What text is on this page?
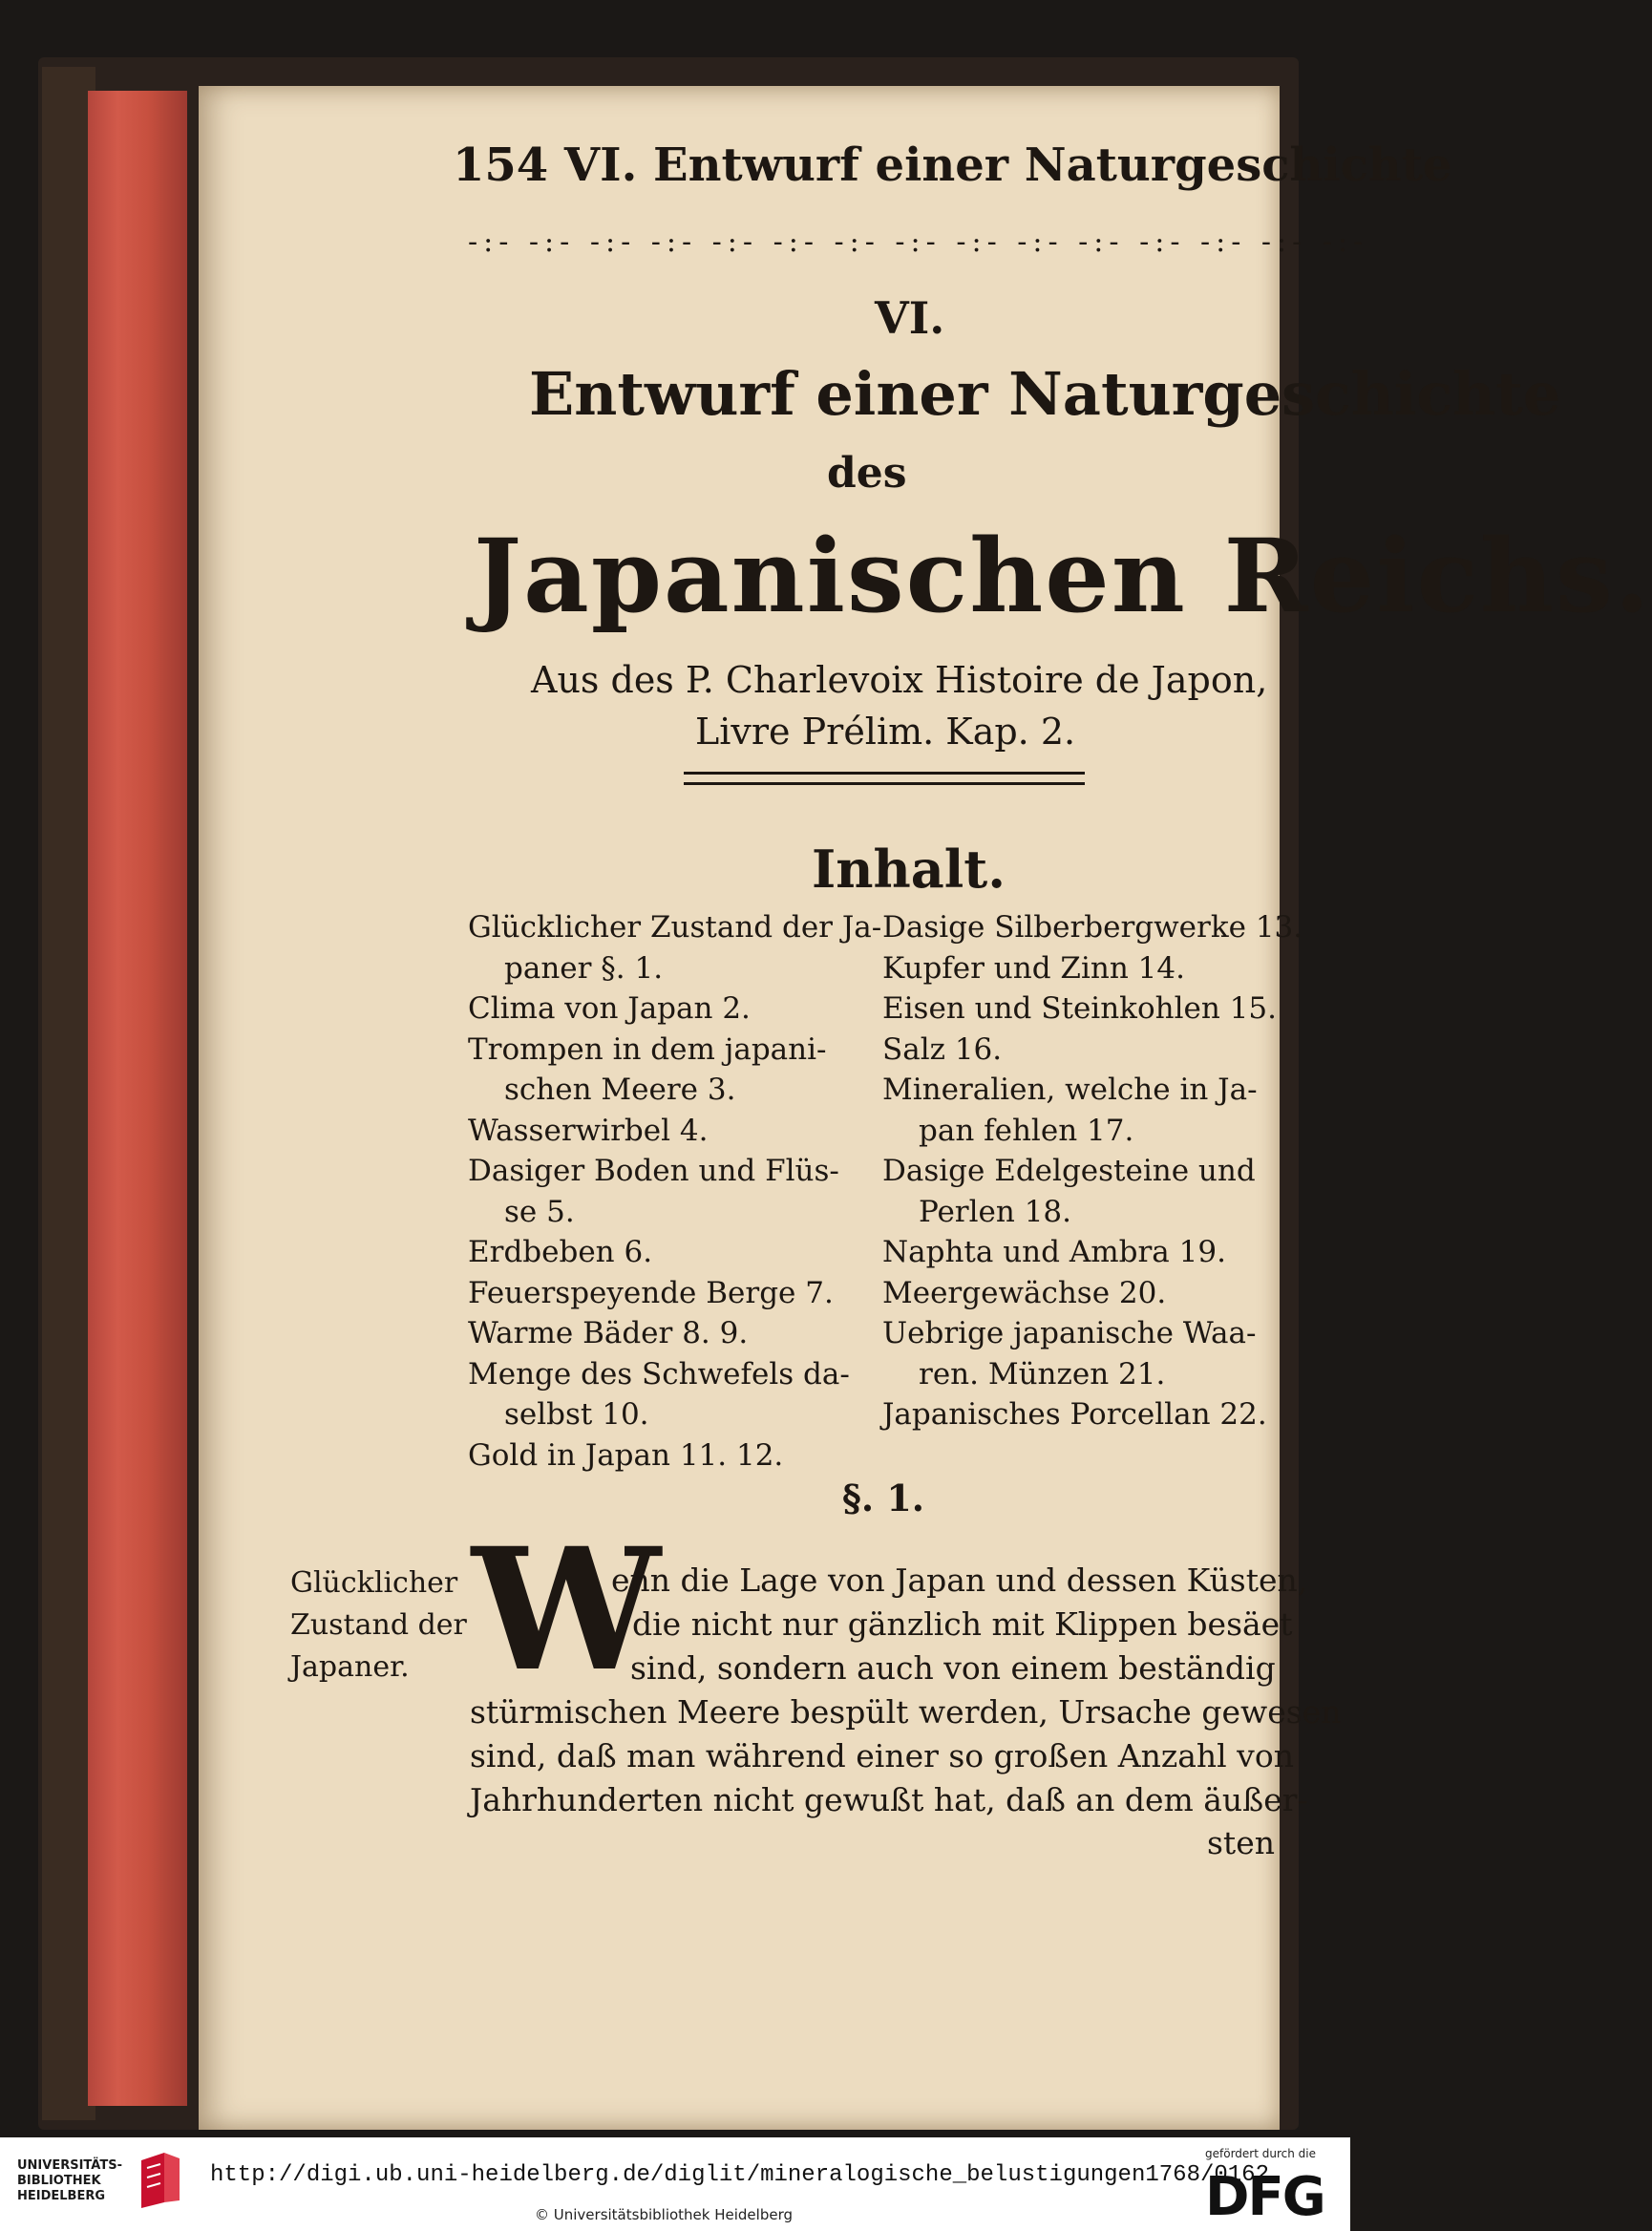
154 VI. Entwurf einer Naturgeschichte
-:- -:- -:- -:- -:- -:- -:- -:- -:- -:- -:- -:- -:- -:- -:-
VI.
Entwurf einer Naturgeschichte
des
Japanischen Reichs.
Aus des P. Charlevoix Histoire de Japon,
Livre Prélim. Kap. 2.
Inhalt.
Glücklicher Zustand der Ja-
paner §. 1.
Clima von Japan 2.
Trompen in dem japani-
schen Meere 3.
Wasserwirbel 4.
Dasiger Boden und Flüs-
se 5.
Erdbeben 6.
Feuerspeyende Berge 7.
Warme Bäder 8. 9.
Menge des Schwefels da-
selbst 10.
Gold in Japan 11. 12.
Dasige Silberbergwerke 13.
Kupfer und Zinn 14.
Eisen und Steinkohlen 15.
Salz 16.
Mineralien, welche in Ja-
pan fehlen 17.
Dasige Edelgesteine und
Perlen 18.
Naphta und Ambra 19.
Meergewächse 20.
Uebrige japanische Waa-
ren. Münzen 21.
Japanisches Porcellan 22.
§. 1.
Glücklicher
Zustand der
Japaner. W
enn die Lage von Japan und dessen Küsten,
die nicht nur gänzlich mit Klippen besäet
sind, sondern auch von einem beständig
stürmischen Meere bespült werden, Ursache gewesen
sind, daß man während einer so großen Anzahl von
Jahrhunderten nicht gewußt hat, daß an dem äußer-
sten
UNIVERSITÄTS-
BIBLIOTHEK
HEIDELBERG
http://digi.ub.uni-heidelberg.de/diglit/mineralogische_belustigungen1768/0162
© Universitätsbibliothek Heidelberg
gefördert durch die
DFG
